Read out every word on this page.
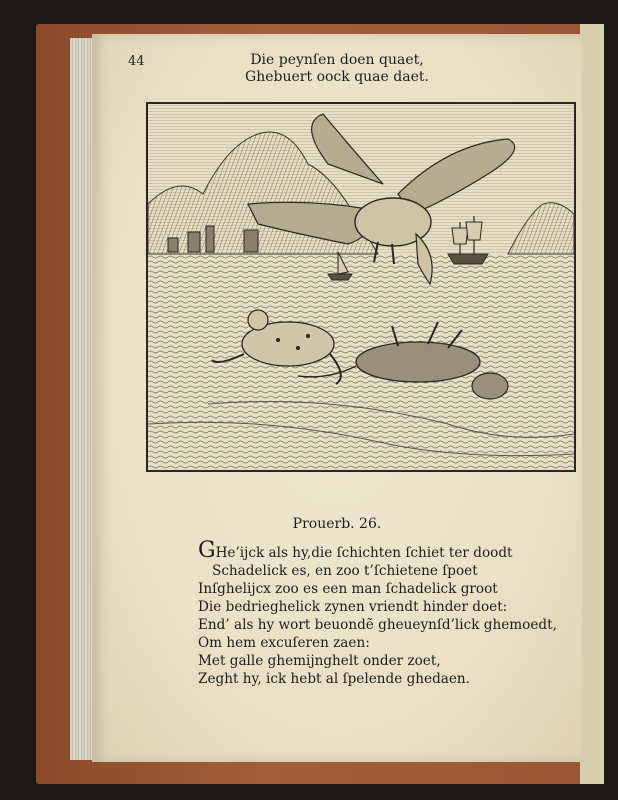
44	Die peynſen doen quaet,
Ghebuert oock quae daet.
Prouerb. 26.
GHe’ijck als hy,die ſchichten ſchiet ter doodt
Schadelick es, en zoo t’ſchietene ſpoet
Inſghelijcx zoo es een man ſchadelick groot
Die bedrieghelick zynen vriendt hinder doet:
End’ als hy wort beuondẽ gheueynſd’lick ghemoedt,
Om hem excuſeren zaen:
Met galle ghemijnghelt onder zoet,
Zeght hy, ick hebt al ſpelende ghedaen.
